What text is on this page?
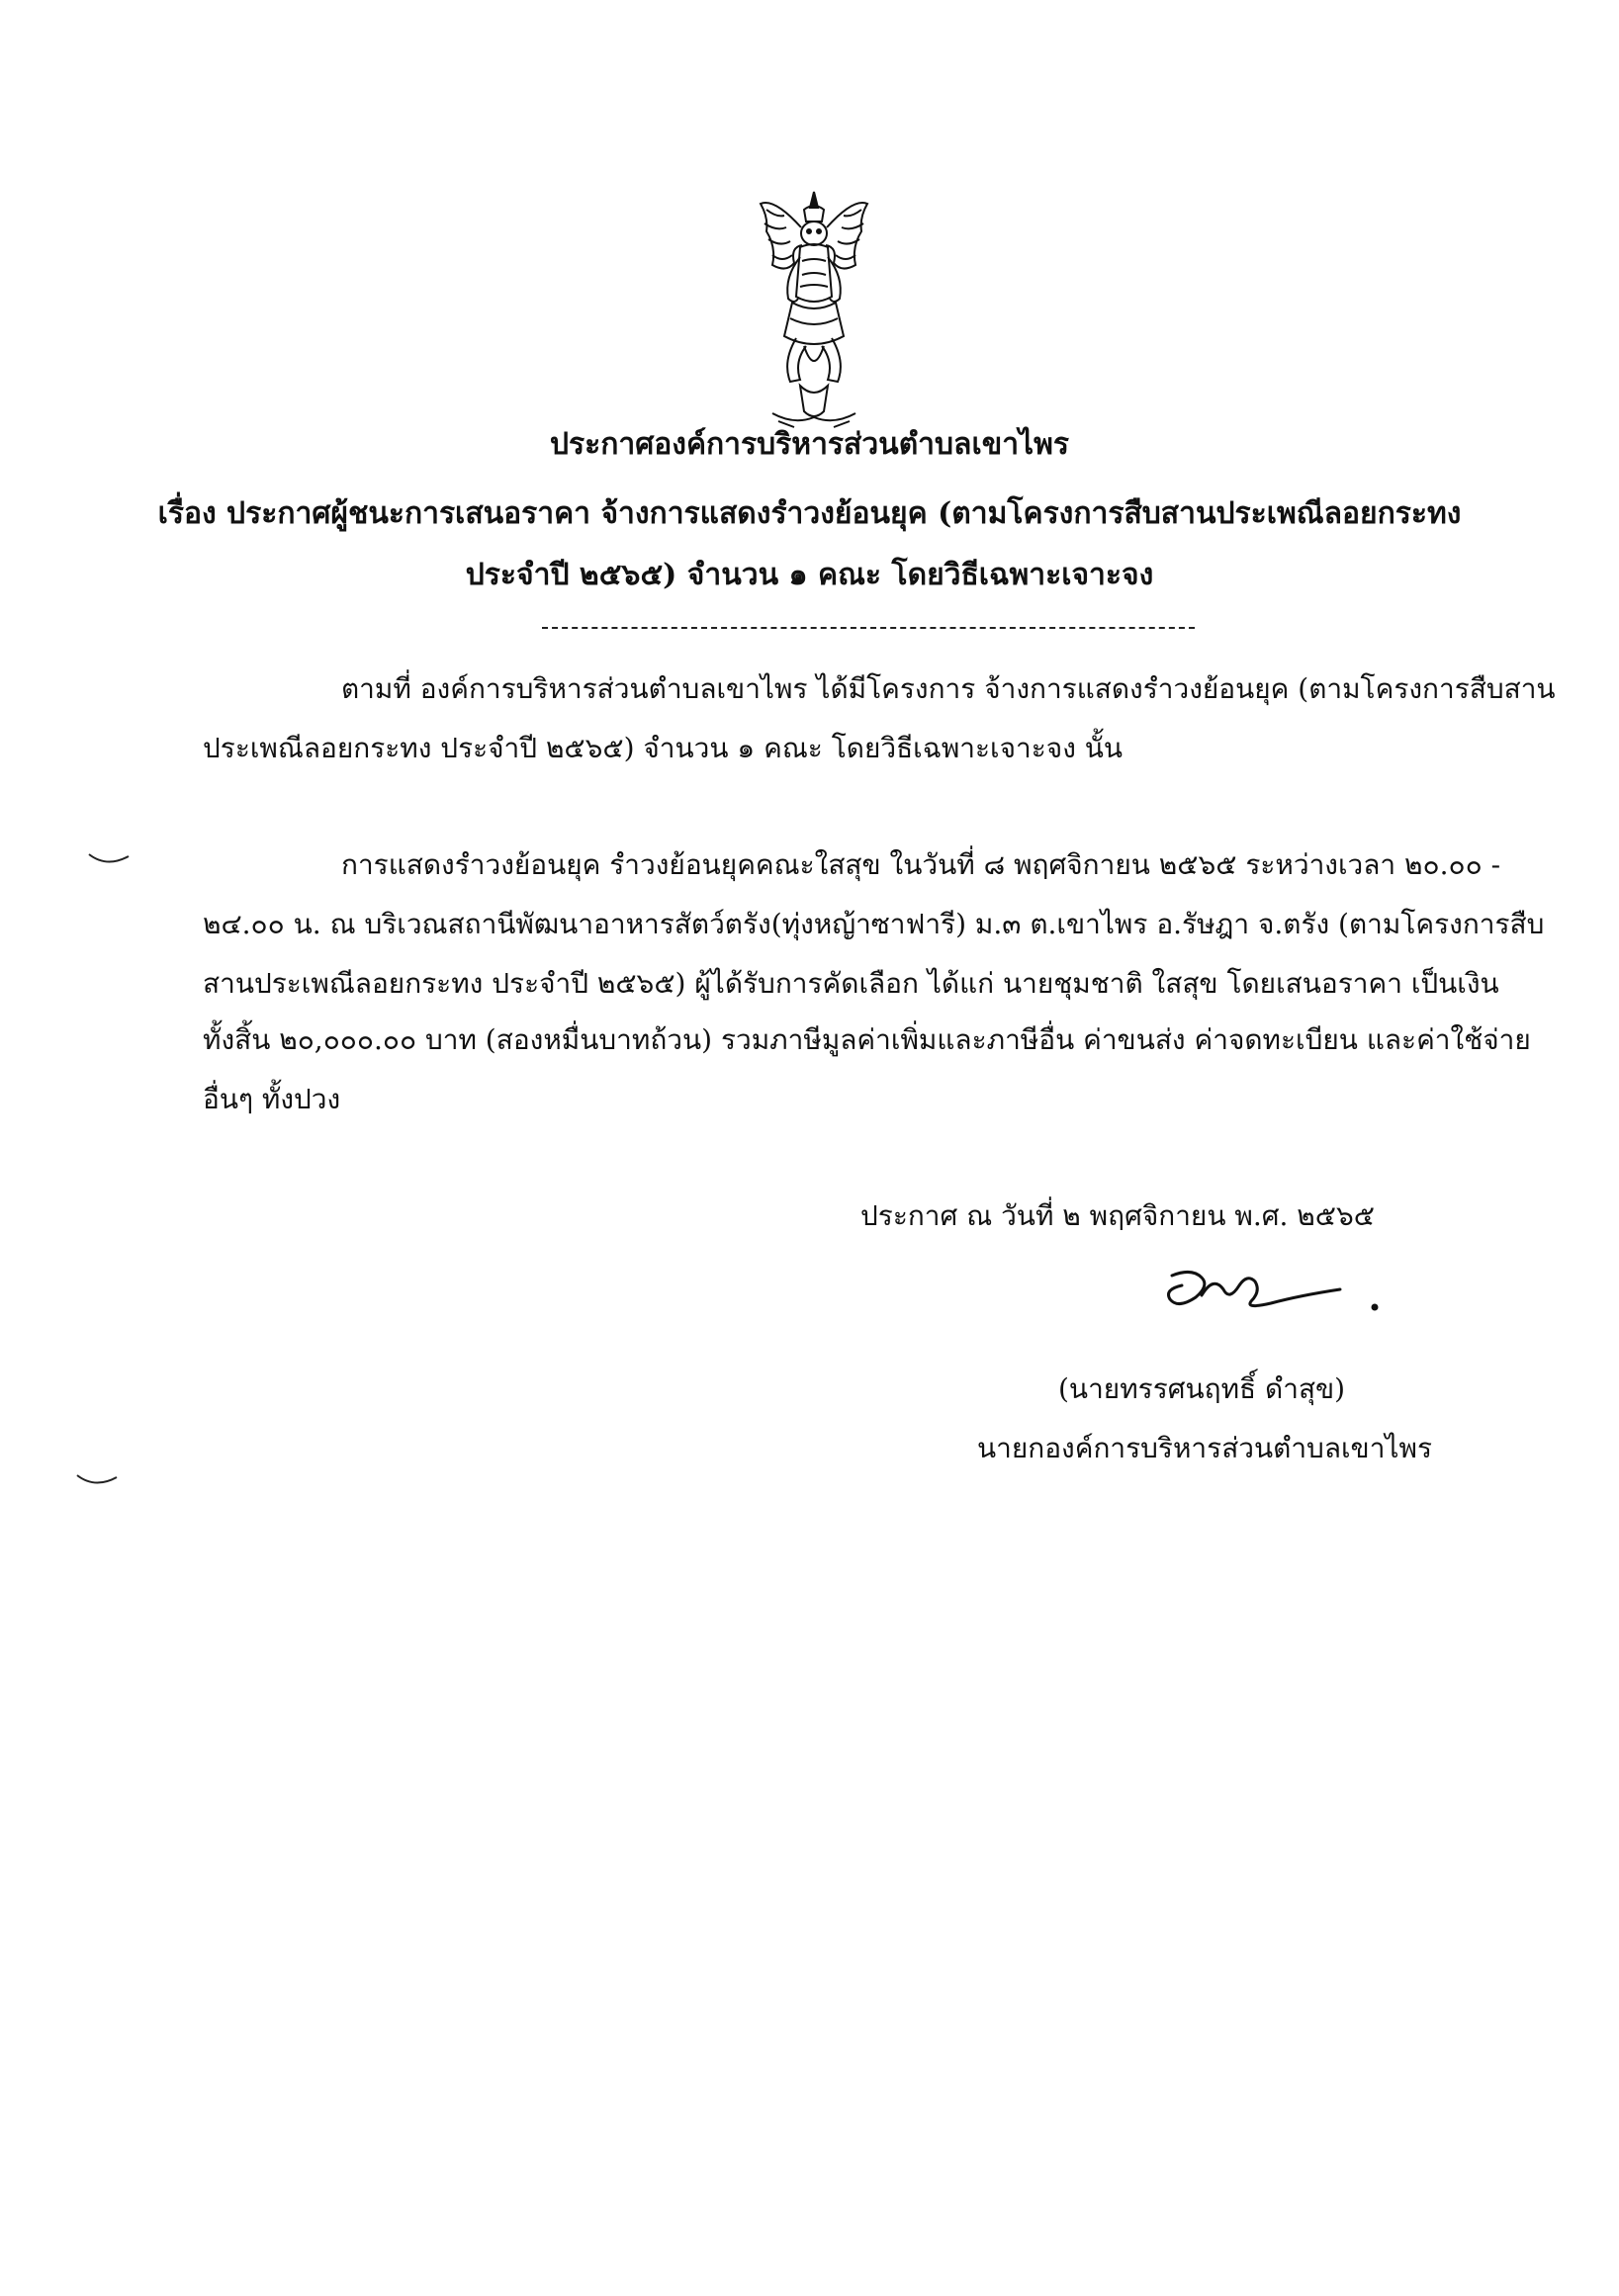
ประกาศองค์การบริหารส่วนตำบลเขาไพร
เรื่อง ประกาศผู้ชนะการเสนอราคา จ้างการแสดงรำวงย้อนยุค (ตามโครงการสืบสานประเพณีลอยกระทง
ประจำปี ๒๕๖๕) จำนวน ๑ คณะ โดยวิธีเฉพาะเจาะจง
ตามที่ องค์การบริหารส่วนตำบลเขาไพร ได้มีโครงการ จ้างการแสดงรำวงย้อนยุค (ตามโครงการสืบสาน
ประเพณีลอยกระทง ประจำปี ๒๕๖๕) จำนวน ๑ คณะ โดยวิธีเฉพาะเจาะจง นั้น
การแสดงรำวงย้อนยุค รำวงย้อนยุคคณะใสสุข ในวันที่ ๘ พฤศจิกายน ๒๕๖๕ ระหว่างเวลา ๒๐.๐๐ -
๒๔.๐๐ น. ณ บริเวณสถานีพัฒนาอาหารสัตว์ตรัง(ทุ่งหญ้าซาฟารี) ม.๓ ต.เขาไพร อ.รัษฎา จ.ตรัง (ตามโครงการสืบ
สานประเพณีลอยกระทง ประจำปี ๒๕๖๕) ผู้ได้รับการคัดเลือก ได้แก่ นายชุมชาติ ใสสุข โดยเสนอราคา เป็นเงิน
ทั้งสิ้น ๒๐,๐๐๐.๐๐ บาท (สองหมื่นบาทถ้วน) รวมภาษีมูลค่าเพิ่มและภาษีอื่น ค่าขนส่ง ค่าจดทะเบียน และค่าใช้จ่าย
อื่นๆ ทั้งปวง
ประกาศ ณ วันที่ ๒ พฤศจิกายน พ.ศ. ๒๕๖๕
(นายทรรศนฤทธิ์ ดำสุข)
นายกองค์การบริหารส่วนตำบลเขาไพร
